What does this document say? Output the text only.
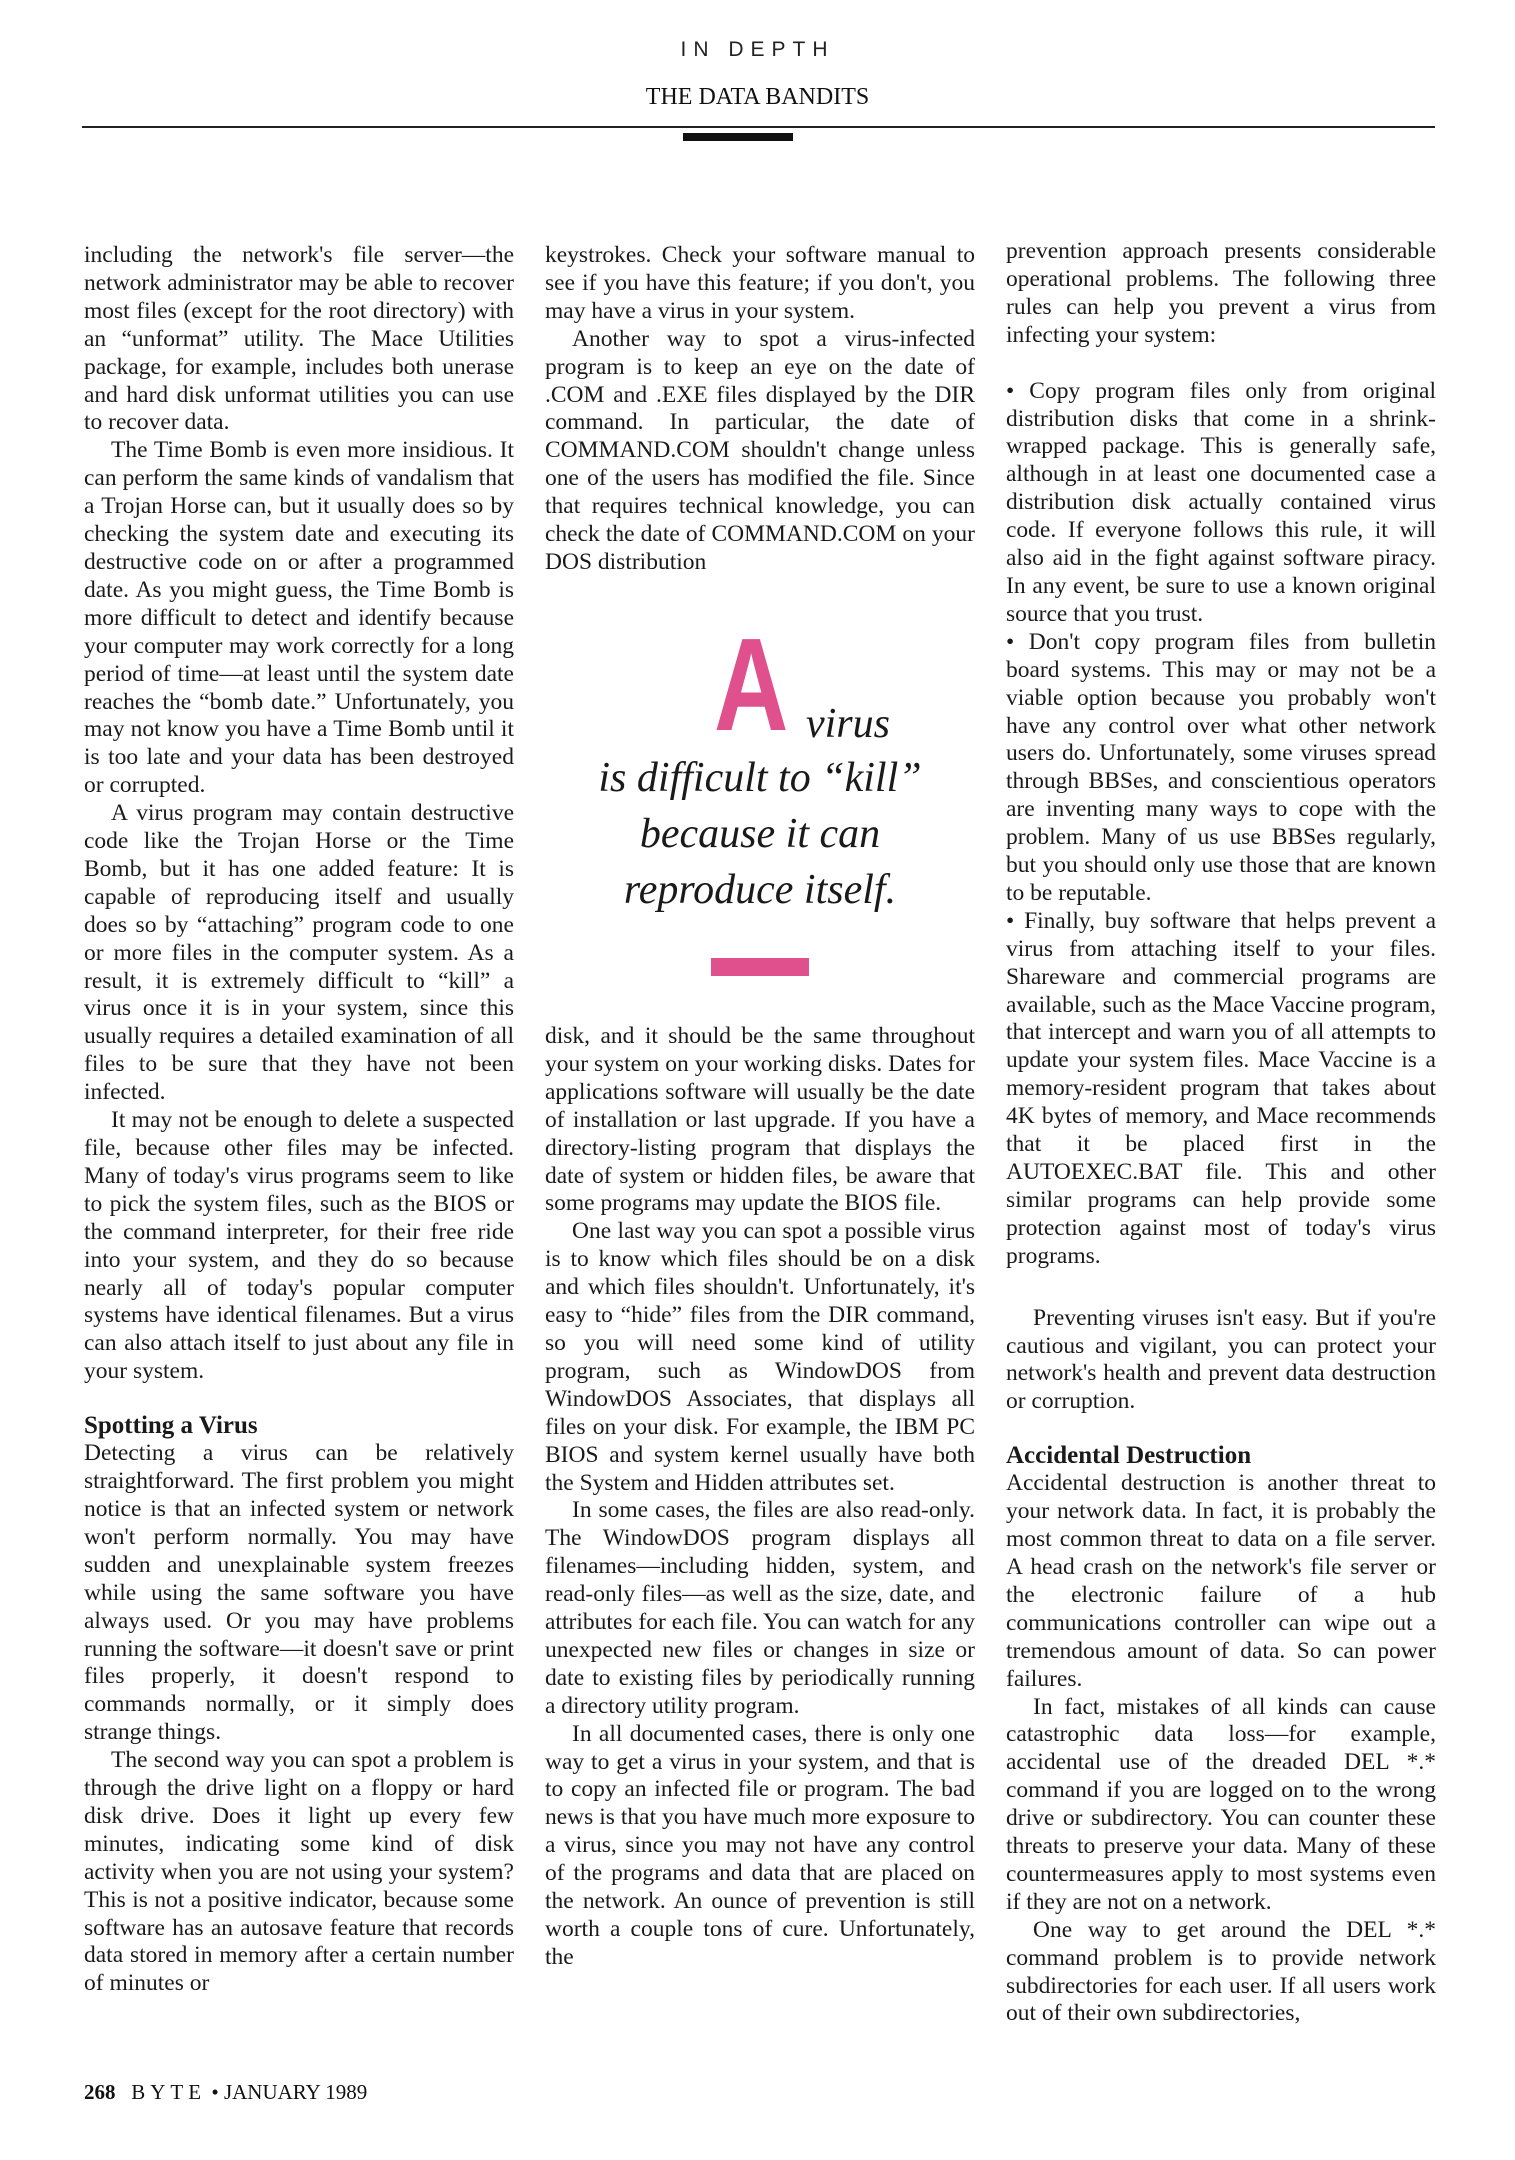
IN DEPTH
THE DATA BANDITS

including the network's file server—the network administrator may be able to recover most files (except for the root directory) with an “unformat” utility. The Mace Utilities package, for example, includes both unerase and hard disk unformat utilities you can use to recover data.

The Time Bomb is even more insidious. It can perform the same kinds of vandalism that a Trojan Horse can, but it usually does so by checking the system date and executing its destructive code on or after a programmed date. As you might guess, the Time Bomb is more difficult to detect and identify because your computer may work correctly for a long period of time—at least until the system date reaches the “bomb date.” Unfortunately, you may not know you have a Time Bomb until it is too late and your data has been destroyed or corrupted.

A virus program may contain destructive code like the Trojan Horse or the Time Bomb, but it has one added feature: It is capable of reproducing itself and usually does so by “attaching” program code to one or more files in the computer system. As a result, it is extremely difficult to “kill” a virus once it is in your system, since this usually requires a detailed examination of all files to be sure that they have not been infected.

It may not be enough to delete a suspected file, because other files may be infected. Many of today's virus programs seem to like to pick the system files, such as the BIOS or the command interpreter, for their free ride into your system, and they do so because nearly all of today's popular computer systems have identical filenames. But a virus can also attach itself to just about any file in your system.

Spotting a Virus

Detecting a virus can be relatively straightforward. The first problem you might notice is that an infected system or network won't perform normally. You may have sudden and unexplainable system freezes while using the same software you have always used. Or you may have problems running the software—it doesn't save or print files properly, it doesn't respond to commands normally, or it simply does strange things.

The second way you can spot a problem is through the drive light on a floppy or hard disk drive. Does it light up every few minutes, indicating some kind of disk activity when you are not using your system? This is not a positive indicator, because some software has an autosave feature that records data stored in memory after a certain number of minutes or

keystrokes. Check your software manual to see if you have this feature; if you don't, you may have a virus in your system.

Another way to spot a virus-infected program is to keep an eye on the date of .COM and .EXE files displayed by the DIR command. In particular, the date of COMMAND.COM shouldn't change unless one of the users has modified the file. Since that requires technical knowledge, you can check the date of COMMAND.COM on your DOS distribution

A virus
is difficult to “kill”
because it can
reproduce itself.

disk, and it should be the same throughout your system on your working disks. Dates for applications software will usually be the date of installation or last upgrade. If you have a directory-listing program that displays the date of system or hidden files, be aware that some programs may update the BIOS file.

One last way you can spot a possible virus is to know which files should be on a disk and which files shouldn't. Unfortunately, it's easy to “hide” files from the DIR command, so you will need some kind of utility program, such as WindowDOS from WindowDOS Associates, that displays all files on your disk. For example, the IBM PC BIOS and system kernel usually have both the System and Hidden attributes set.

In some cases, the files are also read-only. The WindowDOS program displays all filenames—including hidden, system, and read-only files—as well as the size, date, and attributes for each file. You can watch for any unexpected new files or changes in size or date to existing files by periodically running a directory utility program.

In all documented cases, there is only one way to get a virus in your system, and that is to copy an infected file or program. The bad news is that you have much more exposure to a virus, since you may not have any control of the programs and data that are placed on the network. An ounce of prevention is still worth a couple tons of cure. Unfortunately, the

prevention approach presents considerable operational problems. The following three rules can help you prevent a virus from infecting your system:

• Copy program files only from original distribution disks that come in a shrink-wrapped package. This is generally safe, although in at least one documented case a distribution disk actually contained virus code. If everyone follows this rule, it will also aid in the fight against software piracy. In any event, be sure to use a known original source that you trust.

• Don't copy program files from bulletin board systems. This may or may not be a viable option because you probably won't have any control over what other network users do. Unfortunately, some viruses spread through BBSes, and conscientious operators are inventing many ways to cope with the problem. Many of us use BBSes regularly, but you should only use those that are known to be reputable.

• Finally, buy software that helps prevent a virus from attaching itself to your files. Shareware and commercial programs are available, such as the Mace Vaccine program, that intercept and warn you of all attempts to update your system files. Mace Vaccine is a memory-resident program that takes about 4K bytes of memory, and Mace recommends that it be placed first in the AUTOEXEC.BAT file. This and other similar programs can help provide some protection against most of today's virus programs.

Preventing viruses isn't easy. But if you're cautious and vigilant, you can protect your network's health and prevent data destruction or corruption.

Accidental Destruction

Accidental destruction is another threat to your network data. In fact, it is probably the most common threat to data on a file server. A head crash on the network's file server or the electronic failure of a hub communications controller can wipe out a tremendous amount of data. So can power failures.

In fact, mistakes of all kinds can cause catastrophic data loss—for example, accidental use of the dreaded DEL *.* command if you are logged on to the wrong drive or subdirectory. You can counter these threats to preserve your data. Many of these countermeasures apply to most systems even if they are not on a network.

One way to get around the DEL *.* command problem is to provide network subdirectories for each user. If all users work out of their own subdirectories,

268 BYTE • JANUARY 1989
